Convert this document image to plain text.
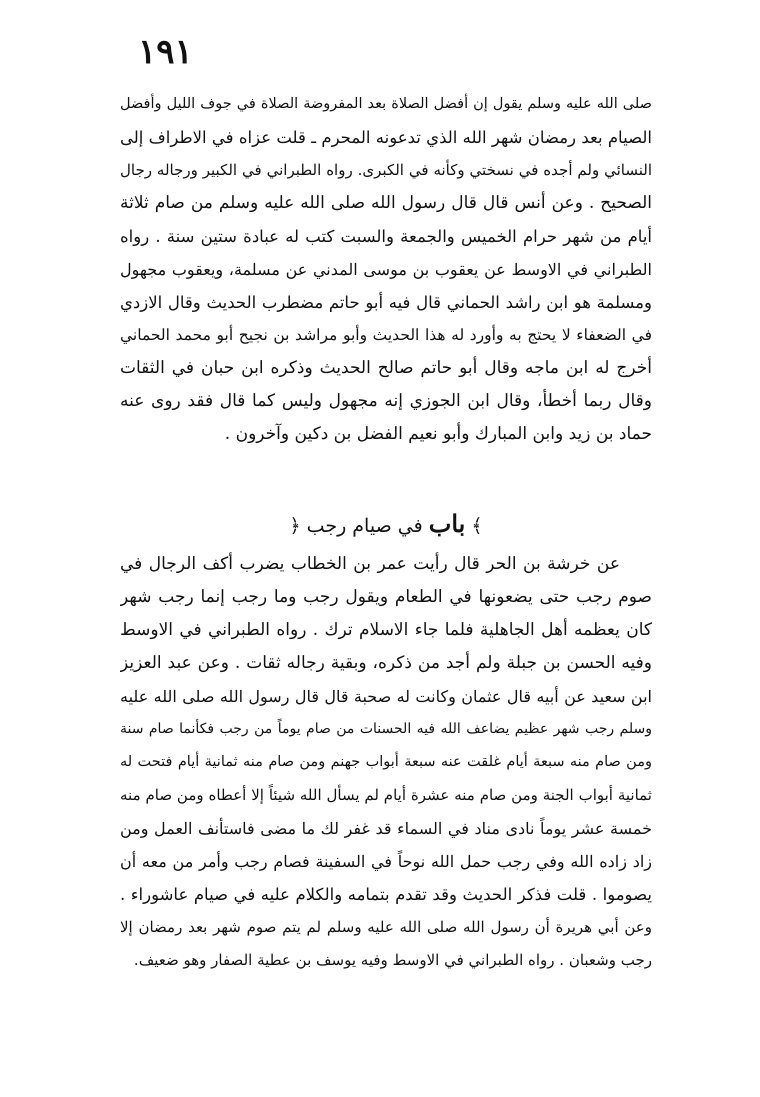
١٩١
صلى الله عليه وسلم يقول إن أفضل الصلاة بعد المفروضة الصلاة في جوف الليل وأفضل
الصيام بعد رمضان شهر الله الذي تدعونه المحرم ـ قلت عزاه في الاطراف إلى
النسائي ولم أجده في نسختي وكأنه في الكبرى. رواه الطبراني في الكبير ورجاله رجال
الصحيح . وعن أنس قال قال رسول الله صلى الله عليه وسلم من صام ثلاثة
أيام من شهر حرام الخميس والجمعة والسبت كتب له عبادة ستين سنة . رواه
الطبراني في الاوسط عن يعقوب بن موسى المدني عن مسلمة، ويعقوب مجهول
ومسلمة هو ابن راشد الحماني قال فيه أبو حاتم مضطرب الحديث وقال الازدي
في الضعفاء لا يحتج به وأورد له هذا الحديث وأبو مراشد بن نجيح أبو محمد الحماني
أخرج له ابن ماجه وقال أبو حاتم صالح الحديث وذكره ابن حبان في الثقات
وقال ربما أخطأ، وقال ابن الجوزي إنه مجهول وليس كما قال فقد روى عنه
حماد بن زيد وابن المبارك وأبو نعيم الفضل بن دكين وآخرون .
﴾ باب في صيام رجب ﴿
عن خرشة بن الحر قال رأيت عمر بن الخطاب يضرب أكف الرجال في
صوم رجب حتى يضعونها في الطعام ويقول رجب وما رجب إنما رجب شهر
كان يعظمه أهل الجاهلية فلما جاء الاسلام ترك . رواه الطبراني في الاوسط
وفيه الحسن بن جبلة ولم أجد من ذكره، وبقية رجاله ثقات . وعن عبد العزيز
ابن سعيد عن أبيه قال عثمان وكانت له صحبة قال قال رسول الله صلى الله عليه
وسلم رجب شهر عظيم يضاعف الله فيه الحسنات من صام يوماً من رجب فكأنما صام سنة
ومن صام منه سبعة أيام غلقت عنه سبعة أبواب جهنم ومن صام منه ثمانية أيام فتحت له
ثمانية أبواب الجنة ومن صام منه عشرة أيام لم يسأل الله شيئاً إلا أعطاه ومن صام منه
خمسة عشر يوماً نادى مناد في السماء قد غفر لك ما مضى فاستأنف العمل ومن
زاد زاده الله وفي رجب حمل الله نوحاً في السفينة فصام رجب وأمر من معه أن
يصوموا . قلت فذكر الحديث وقد تقدم بتمامه والكلام عليه في صيام عاشوراء .
وعن أبي هريرة أن رسول الله صلى الله عليه وسلم لم يتم صوم شهر بعد رمضان إلا
رجب وشعبان . رواه الطبراني في الاوسط وفيه يوسف بن عطية الصفار وهو ضعيف.
